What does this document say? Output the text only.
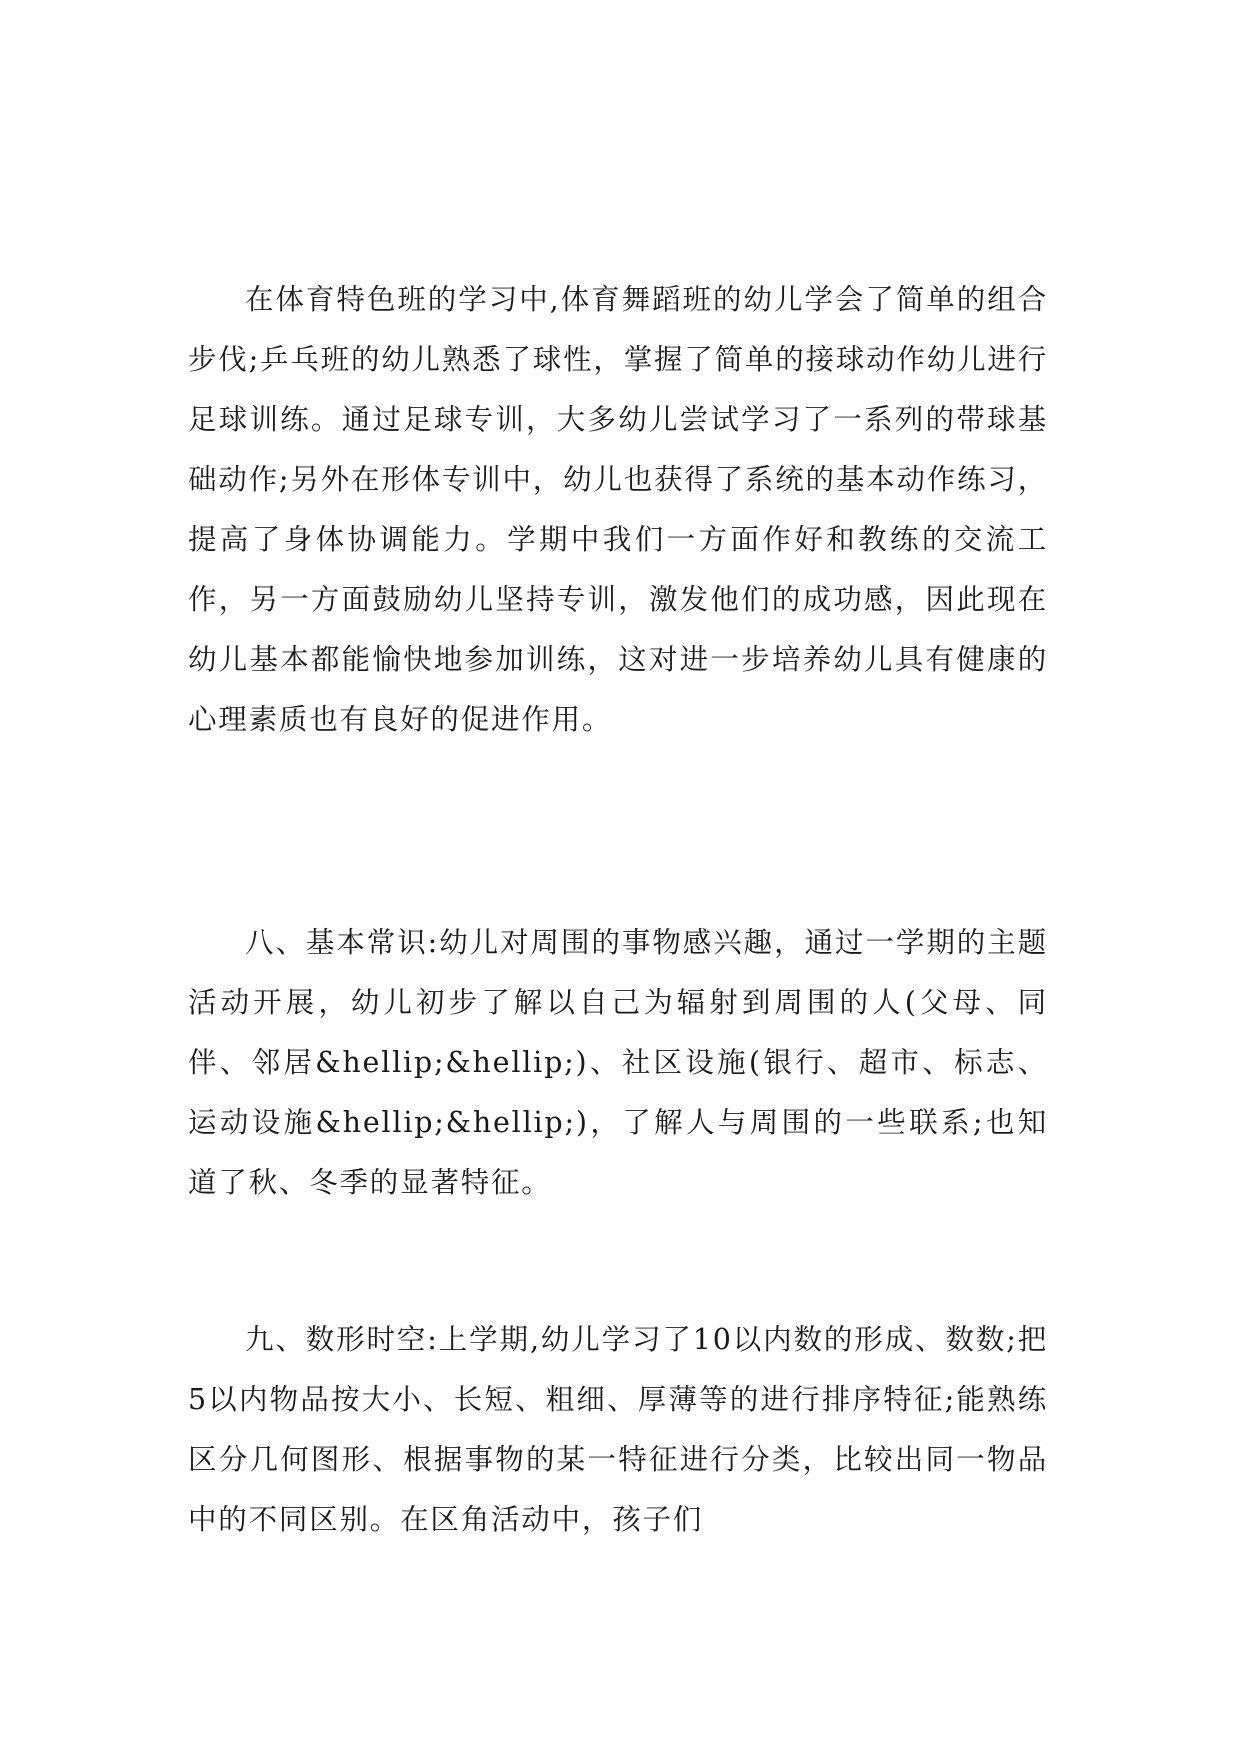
在体育特色班的学习中,体育舞蹈班的幼儿学会了简单的组合步伐;乒乓班的幼儿熟悉了球性，掌握了简单的接球动作幼儿进行足球训练。通过足球专训，大多幼儿尝试学习了一系列的带球基础动作;另外在形体专训中，幼儿也获得了系统的基本动作练习，提高了身体协调能力。学期中我们一方面作好和教练的交流工作，另一方面鼓励幼儿坚持专训，激发他们的成功感，因此现在幼儿基本都能愉快地参加训练，这对进一步培养幼儿具有健康的心理素质也有良好的促进作用。

八、基本常识:幼儿对周围的事物感兴趣，通过一学期的主题活动开展，幼儿初步了解以自己为辐射到周围的人(父母、同伴、邻居&hellip;&hellip;)、社区设施(银行、超市、标志、运动设施&hellip;&hellip;)，了解人与周围的一些联系;也知道了秋、冬季的显著特征。

九、数形时空:上学期,幼儿学习了10以内数的形成、数数;把5以内物品按大小、长短、粗细、厚薄等的进行排序特征;能熟练区分几何图形、根据事物的某一特征进行分类，比较出同一物品中的不同区别。在区角活动中，孩子们
